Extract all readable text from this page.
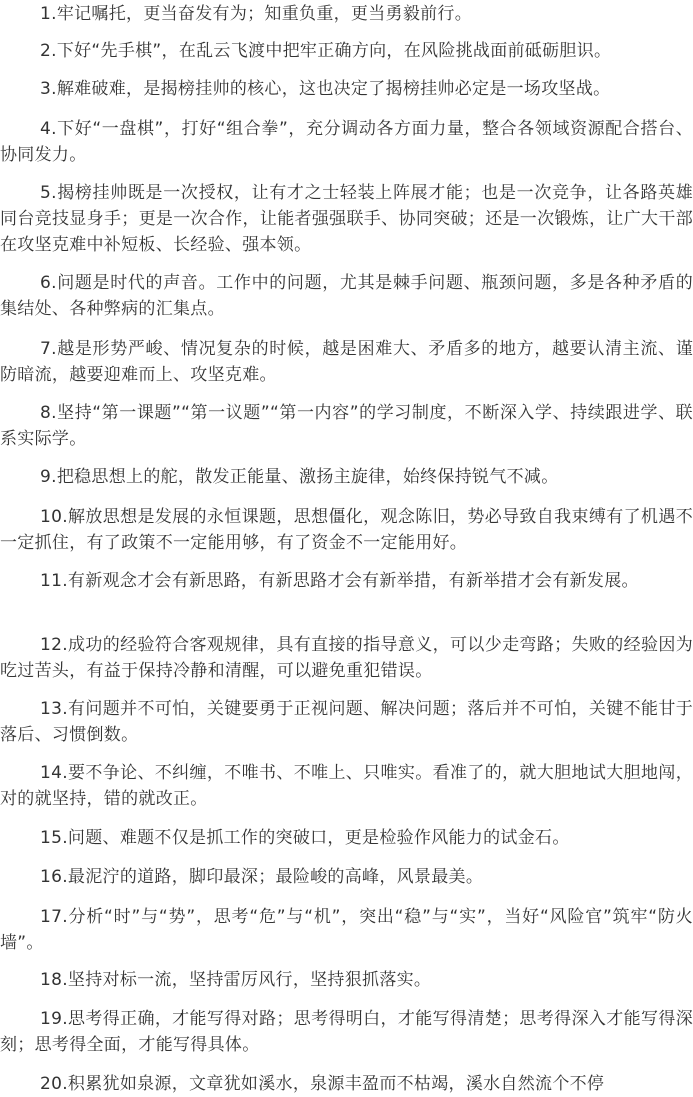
1.牢记嘱托，更当奋发有为；知重负重，更当勇毅前行。

2.下好“先手棋”，在乱云飞渡中把牢正确方向，在风险挑战面前砥砺胆识。

3.解难破难，是揭榜挂帅的核心，这也决定了揭榜挂帅必定是一场攻坚战。

4.下好“一盘棋”，打好“组合拳”，充分调动各方面力量，整合各领域资源配合搭台、协同发力。

5.揭榜挂帅既是一次授权，让有才之士轻装上阵展才能；也是一次竞争，让各路英雄同台竞技显身手；更是一次合作，让能者强强联手、协同突破；还是一次锻炼，让广大干部在攻坚克难中补短板、长经验、强本领。

6.问题是时代的声音。工作中的问题，尤其是棘手问题、瓶颈问题，多是各种矛盾的集结处、各种弊病的汇集点。

7.越是形势严峻、情况复杂的时候，越是困难大、矛盾多的地方，越要认清主流、谨防暗流，越要迎难而上、攻坚克难。

8.坚持“第一课题”“第一议题”“第一内容”的学习制度，不断深入学、持续跟进学、联系实际学。

9.把稳思想上的舵，散发正能量、激扬主旋律，始终保持锐气不减。

10.解放思想是发展的永恒课题，思想僵化，观念陈旧，势必导致自我束缚有了机遇不一定抓住，有了政策不一定能用够，有了资金不一定能用好。

11.有新观念才会有新思路，有新思路才会有新举措，有新举措才会有新发展。

12.成功的经验符合客观规律，具有直接的指导意义，可以少走弯路；失败的经验因为吃过苦头，有益于保持冷静和清醒，可以避免重犯错误。

13.有问题并不可怕，关键要勇于正视问题、解决问题；落后并不可怕，关键不能甘于落后、习惯倒数。

14.要不争论、不纠缠，不唯书、不唯上、只唯实。看准了的，就大胆地试大胆地闯，对的就坚持，错的就改正。

15.问题、难题不仅是抓工作的突破口，更是检验作风能力的试金石。

16.最泥泞的道路，脚印最深；最险峻的高峰，风景最美。

17.分析“时”与“势”，思考“危”与“机”，突出“稳”与“实”，当好“风险官”筑牢“防火墙”。

18.坚持对标一流，坚持雷厉风行，坚持狠抓落实。

19.思考得正确，才能写得对路；思考得明白，才能写得清楚；思考得深入才能写得深刻；思考得全面，才能写得具体。

20.积累犹如泉源，文章犹如溪水，泉源丰盈而不枯竭，溪水自然流个不停
